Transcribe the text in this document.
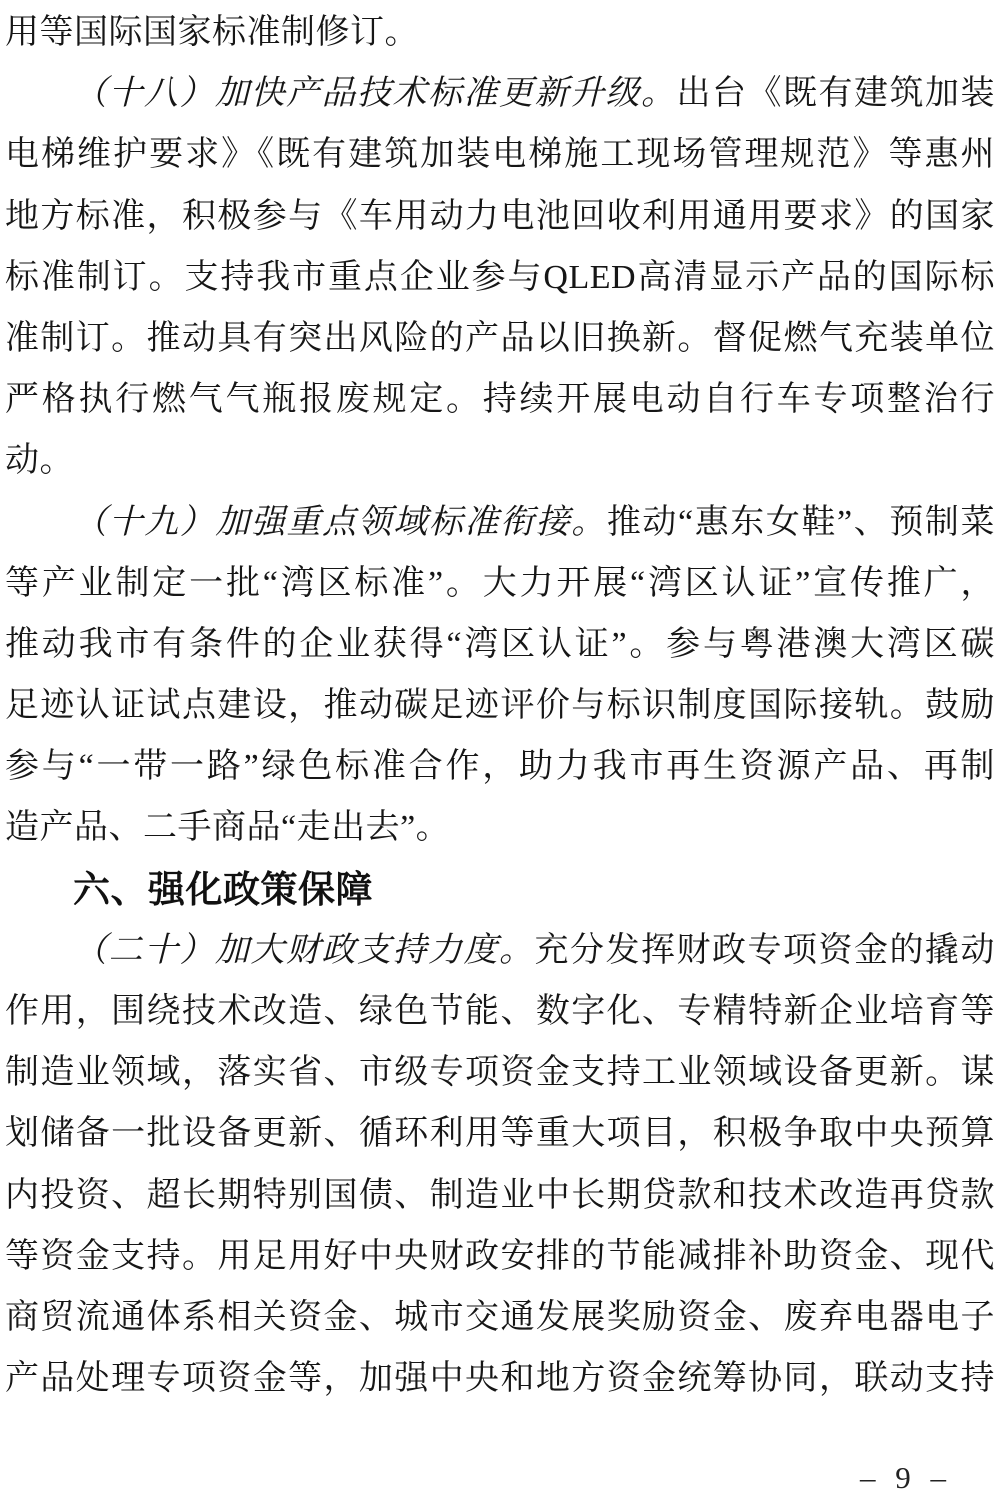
用等国际国家标准制修订。
（十八）加快产品技术标准更新升级。出台《既有建筑加装
电梯维护要求》《既有建筑加装电梯施工现场管理规范》等惠州
地方标准，积极参与《车用动力电池回收利用通用要求》的国家
标准制订。支持我市重点企业参与QLED高清显示产品的国际标
准制订。推动具有突出风险的产品以旧换新。督促燃气充装单位
严格执行燃气气瓶报废规定。持续开展电动自行车专项整治行
动。
（十九）加强重点领域标准衔接。推动“惠东女鞋”、预制菜
等产业制定一批“湾区标准”。大力开展“湾区认证”宣传推广，
推动我市有条件的企业获得“湾区认证”。参与粤港澳大湾区碳
足迹认证试点建设，推动碳足迹评价与标识制度国际接轨。鼓励
参与“一带一路”绿色标准合作，助力我市再生资源产品、再制
造产品、二手商品“走出去”。
六、强化政策保障
（二十）加大财政支持力度。充分发挥财政专项资金的撬动
作用，围绕技术改造、绿色节能、数字化、专精特新企业培育等
制造业领域，落实省、市级专项资金支持工业领域设备更新。谋
划储备一批设备更新、循环利用等重大项目，积极争取中央预算
内投资、超长期特别国债、制造业中长期贷款和技术改造再贷款
等资金支持。用足用好中央财政安排的节能减排补助资金、现代
商贸流通体系相关资金、城市交通发展奖励资金、废弃电器电子
产品处理专项资金等，加强中央和地方资金统筹协同，联动支持
– 9 –
